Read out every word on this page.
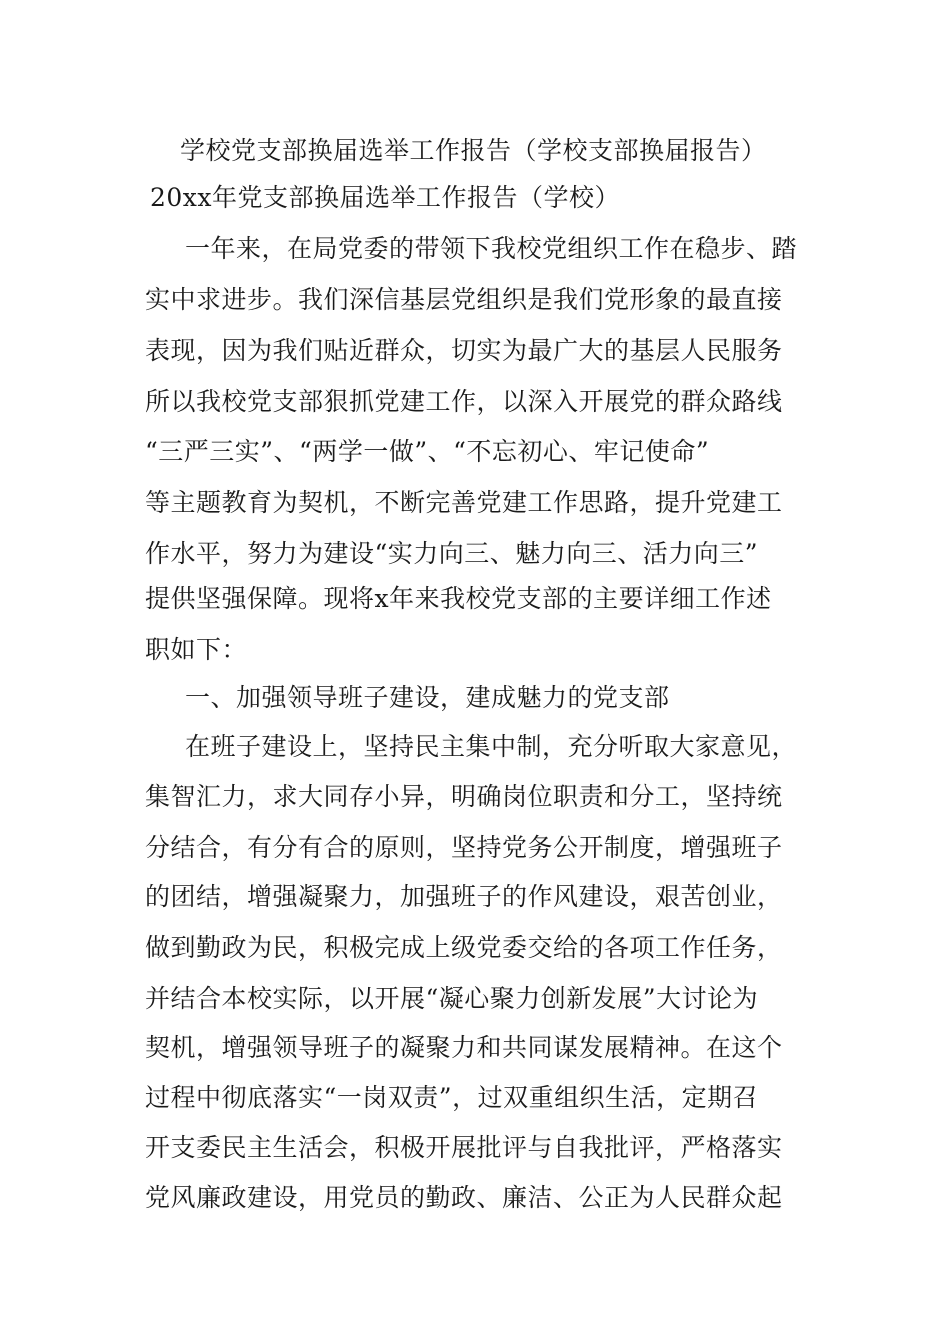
学校党支部换届选举工作报告（学校支部换届报告）
20xx年党支部换届选举工作报告（学校）
一年来，在局党委的带领下我校党组织工作在稳步、踏
实中求进步。我们深信基层党组织是我们党形象的最直接
表现，因为我们贴近群众，切实为最广大的基层人民服务
所以我校党支部狠抓党建工作，以深入开展党的群众路线
“三严三实”、“两学一做”、“不忘初心、牢记使命”
等主题教育为契机，不断完善党建工作思路，提升党建工
作水平，努力为建设“实力向三、魅力向三、活力向三”
提供坚强保障。现将x年来我校党支部的主要详细工作述
职如下：
一、加强领导班子建设，建成魅力的党支部
在班子建设上，坚持民主集中制，充分听取大家意见，
集智汇力，求大同存小异，明确岗位职责和分工，坚持统
分结合，有分有合的原则，坚持党务公开制度，增强班子
的团结，增强凝聚力，加强班子的作风建设，艰苦创业，
做到勤政为民，积极完成上级党委交给的各项工作任务，
并结合本校实际，以开展“凝心聚力创新发展”大讨论为
契机，增强领导班子的凝聚力和共同谋发展精神。在这个
过程中彻底落实“一岗双责”，过双重组织生活，定期召
开支委民主生活会，积极开展批评与自我批评，严格落实
党风廉政建设，用党员的勤政、廉洁、公正为人民群众起
